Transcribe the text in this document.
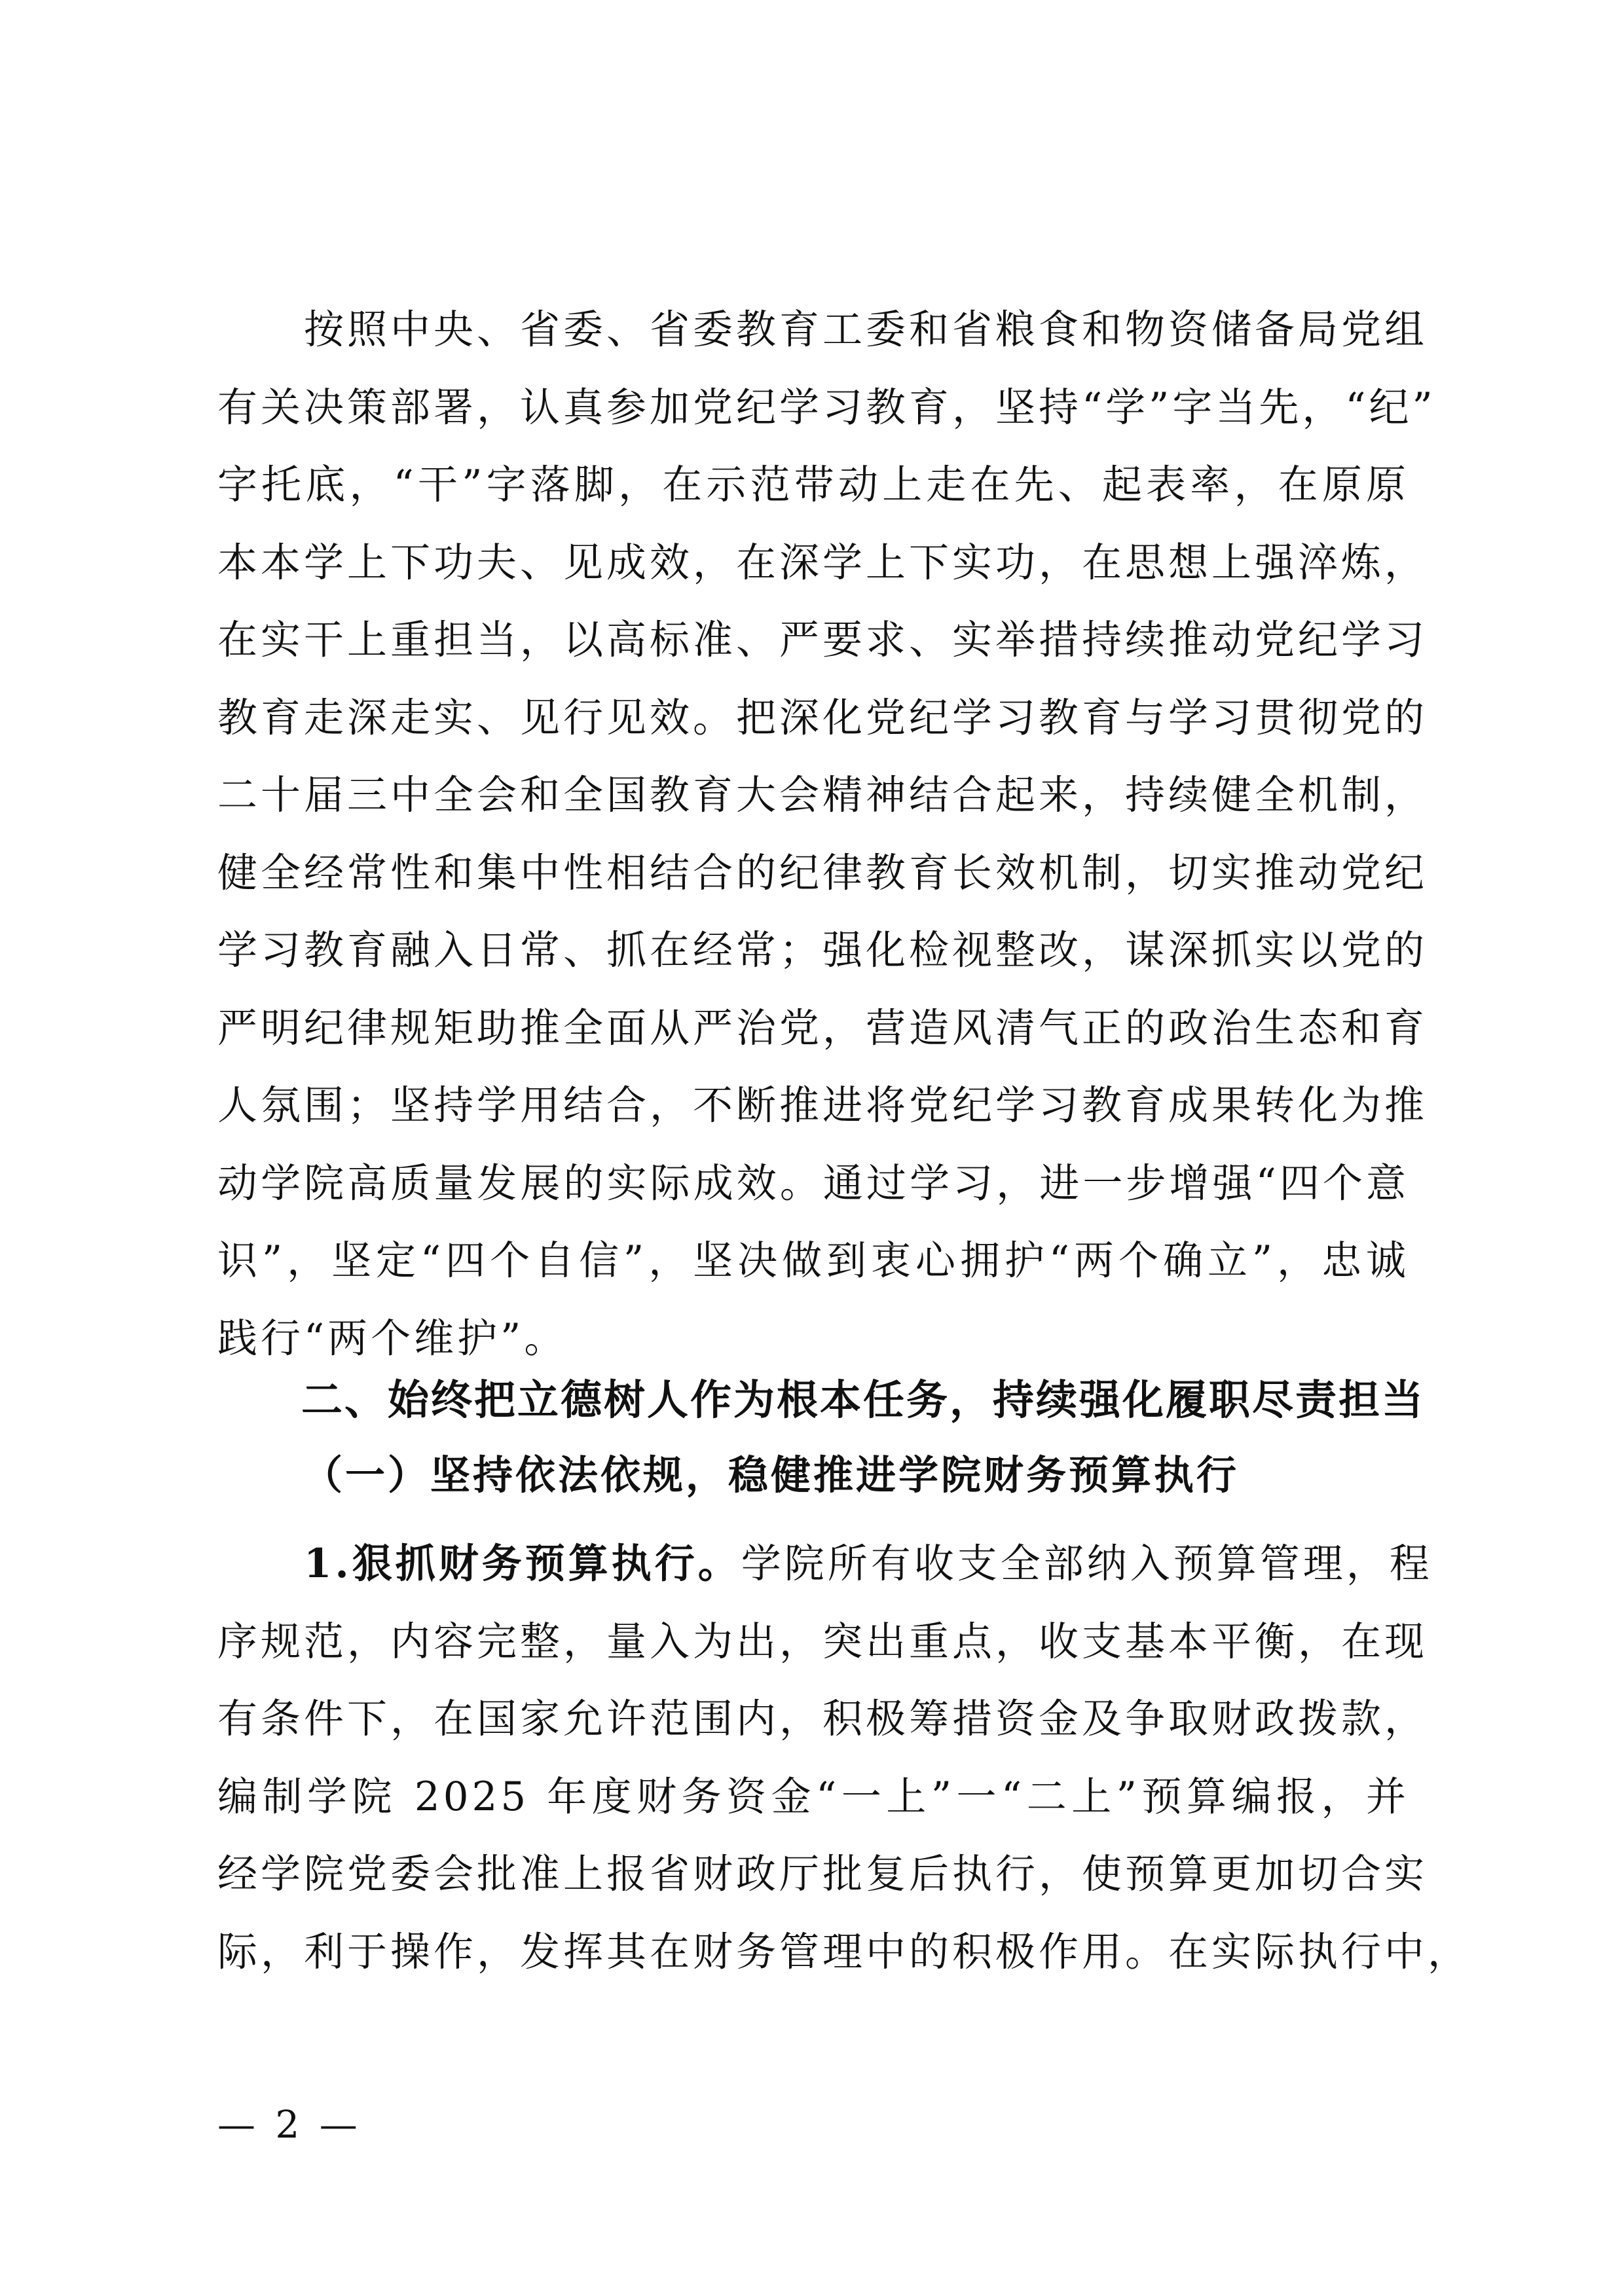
　　按照中央、省委、省委教育工委和省粮食和物资储备局党组
有关决策部署，认真参加党纪学习教育，坚持“学”字当先，“纪”
字托底，“干”字落脚，在示范带动上走在先、起表率，在原原
本本学上下功夫、见成效，在深学上下实功，在思想上强淬炼，
在实干上重担当，以高标准、严要求、实举措持续推动党纪学习
教育走深走实、见行见效。把深化党纪学习教育与学习贯彻党的
二十届三中全会和全国教育大会精神结合起来，持续健全机制，
健全经常性和集中性相结合的纪律教育长效机制，切实推动党纪
学习教育融入日常、抓在经常；强化检视整改，谋深抓实以党的
严明纪律规矩助推全面从严治党，营造风清气正的政治生态和育
人氛围；坚持学用结合，不断推进将党纪学习教育成果转化为推
动学院高质量发展的实际成效。通过学习，进一步增强“四个意
识”，坚定“四个自信”，坚决做到衷心拥护“两个确立”，忠诚
践行“两个维护”。
二、始终把立德树人作为根本任务，持续强化履职尽责担当
（一）坚持依法依规，稳健推进学院财务预算执行
　　1.狠抓财务预算执行。学院所有收支全部纳入预算管理，程
序规范，内容完整，量入为出，突出重点，收支基本平衡，在现
有条件下，在国家允许范围内，积极筹措资金及争取财政拨款，
编制学院 2025 年度财务资金“一上”一“二上”预算编报，并
经学院党委会批准上报省财政厅批复后执行，使预算更加切合实
际，利于操作，发挥其在财务管理中的积极作用。在实际执行中，
— 2 —
